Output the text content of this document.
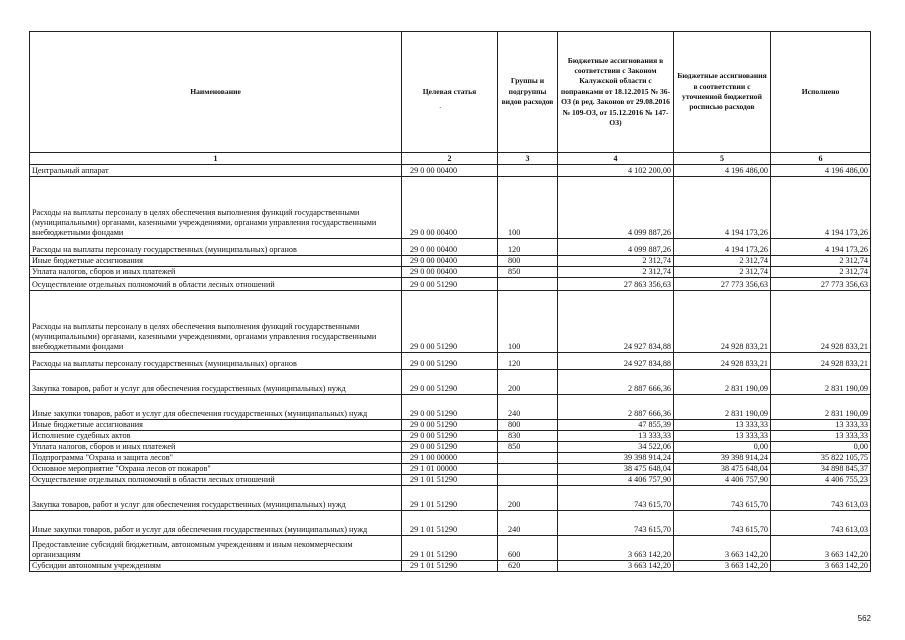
Наименование	Целевая статья	Группы и подгруппы видов расходов	Бюджетные ассигнования в соответствии с Законом Калужской области с поправками от 18.12.2015 № 36-ОЗ (в ред. Законов от 29.08.2016 № 109-ОЗ, от 15.12.2016 № 147-ОЗ)	Бюджетные ассигнования в соответствии с уточненной бюджетной росписью расходов	Исполнено
1	2	3	4	5	6
Центральный аппарат	29 0 00 00400		4 102 200,00	4 196 486,00	4 196 486,00
Расходы на выплаты персоналу в целях обеспечения выполнения функций государственными (муниципальными) органами, казенными учреждениями, органами управления государственными внебюджетными фондами	29 0 00 00400	100	4 099 887,26	4 194 173,26	4 194 173,26
Расходы на выплаты персоналу государственных (муниципальных) органов	29 0 00 00400	120	4 099 887,26	4 194 173,26	4 194 173,26
Иные бюджетные ассигнования	29 0 00 00400	800	2 312,74	2 312,74	2 312,74
Уплата налогов, сборов и иных платежей	29 0 00 00400	850	2 312,74	2 312,74	2 312,74
Осуществление отдельных полномочий в области лесных отношений	29 0 00 51290		27 863 356,63	27 773 356,63	27 773 356,63
Расходы на выплаты персоналу в целях обеспечения выполнения функций государственными (муниципальными) органами, казенными учреждениями, органами управления государственными внебюджетными фондами	29 0 00 51290	100	24 927 834,88	24 928 833,21	24 928 833,21
Расходы на выплаты персоналу государственных (муниципальных) органов	29 0 00 51290	120	24 927 834,88	24 928 833,21	24 928 833,21
Закупка товаров, работ и услуг для обеспечения государственных (муниципальных) нужд	29 0 00 51290	200	2 887 666,36	2 831 190,09	2 831 190,09
Иные закупки товаров, работ и услуг для обеспечения государственных (муниципальных) нужд	29 0 00 51290	240	2 887 666,36	2 831 190,09	2 831 190,09
Иные бюджетные ассигнования	29 0 00 51290	800	47 855,39	13 333,33	13 333,33
Исполнение судебных актов	29 0 00 51290	830	13 333,33	13 333,33	13 333,33
Уплата налогов, сборов и иных платежей	29 0 00 51290	850	34 522,06	0,00	0,00
Подпрограмма "Охрана и защита лесов"	29 1 00 00000		39 398 914,24	39 398 914,24	35 822 105,75
Основное мероприятие "Охрана лесов от пожаров"	29 1 01 00000		38 475 648,04	38 475 648,04	34 898 845,37
Осуществление отдельных полномочий в области лесных отношений	29 1 01 51290		4 406 757,90	4 406 757,90	4 406 755,23
Закупка товаров, работ и услуг для обеспечения государственных (муниципальных) нужд	29 1 01 51290	200	743 615,70	743 615,70	743 613,03
Иные закупки товаров, работ и услуг для обеспечения государственных (муниципальных) нужд	29 1 01 51290	240	743 615,70	743 615,70	743 613,03
Предоставление субсидий бюджетным, автономным учреждениям и иным некоммерческим организациям	29 1 01 51290	600	3 663 142,20	3 663 142,20	3 663 142,20
Субсидии автономным учреждениям	29 1 01 51290	620	3 663 142,20	3 663 142,20	3 663 142,20
·
562
